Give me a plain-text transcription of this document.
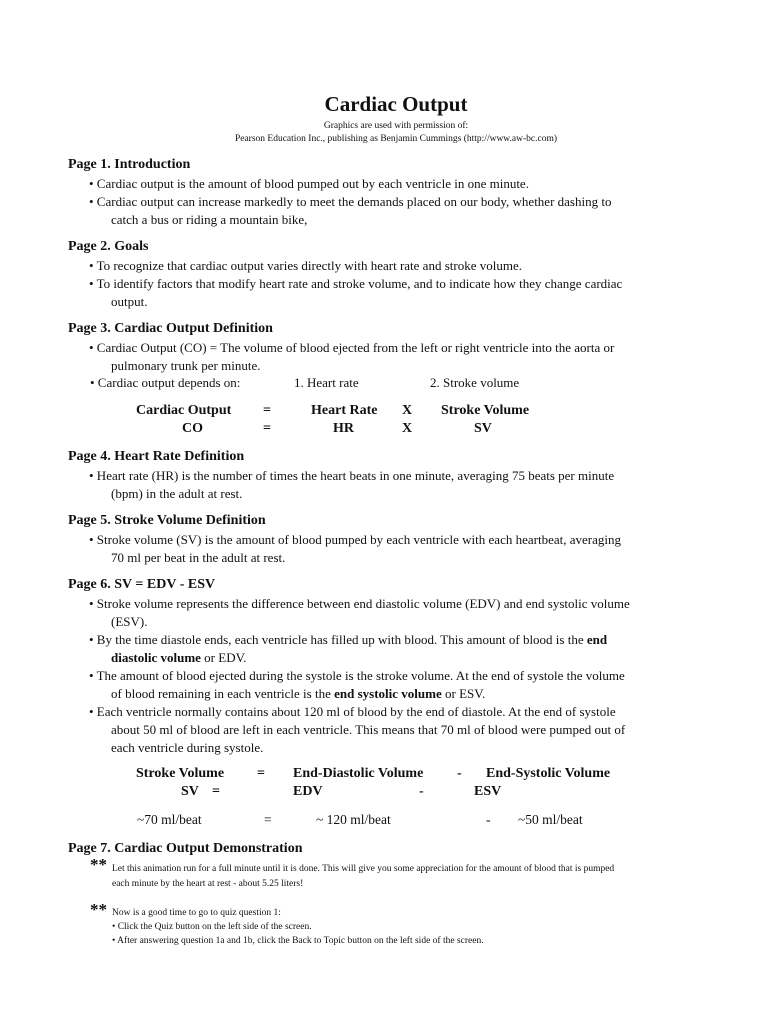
Cardiac Output
Graphics are used with permission of:
Pearson Education Inc., publishing as Benjamin Cummings (http://www.aw-bc.com)
Page 1. Introduction
• Cardiac output is the amount of blood pumped out by each ventricle in one minute.
• Cardiac output can increase markedly to meet the demands placed on our body, whether dashing to
catch a bus or riding a mountain bike,
Page 2. Goals
• To recognize that cardiac output varies directly with heart rate and stroke volume.
• To identify factors that modify heart rate and stroke volume, and to indicate how they change cardiac
output.
Page 3. Cardiac Output Definition
• Cardiac Output (CO) = The volume of blood ejected from the left or right ventricle into the aorta or
pulmonary trunk per minute.
• Cardiac output depends on:	1. Heart rate	2. Stroke volume
Cardiac Output =	Heart Rate X Stroke Volume
CO	=	HR	X	SV
Page 4. Heart Rate Definition
• Heart rate (HR) is the number of times the heart beats in one minute, averaging 75 beats per minute
(bpm) in the adult at rest.
Page 5. Stroke Volume Definition
• Stroke volume (SV) is the amount of blood pumped by each ventricle with each heartbeat, averaging
70 ml per beat in the adult at rest.
Page 6. SV = EDV - ESV
• Stroke volume represents the difference between end diastolic volume (EDV) and end systolic volume
(ESV).
• By the time diastole ends, each ventricle has filled up with blood. This amount of blood is the end
diastolic volume or EDV.
• The amount of blood ejected during the systole is the stroke volume. At the end of systole the volume
of blood remaining in each ventricle is the end systolic volume or ESV.
• Each ventricle normally contains about 120 ml of blood by the end of diastole. At the end of systole
about 50 ml of blood are left in each ventricle. This means that 70 ml of blood were pumped out of
each ventricle during systole.
Stroke Volume = End-Diastolic Volume - End-Systolic Volume
SV =	EDV	-	ESV
~70 ml/beat	=	~ 120 ml/beat	- ~50 ml/beat
Page 7. Cardiac Output Demonstration
** Let this animation run for a full minute until it is done. This will give you some appreciation for the amount of blood that is pumped
each minute by the heart at rest - about 5.25 liters!
** Now is a good time to go to quiz question 1:
• Click the Quiz button on the left side of the screen.
• After answering question 1a and 1b, click the Back to Topic button on the left side of the screen.
